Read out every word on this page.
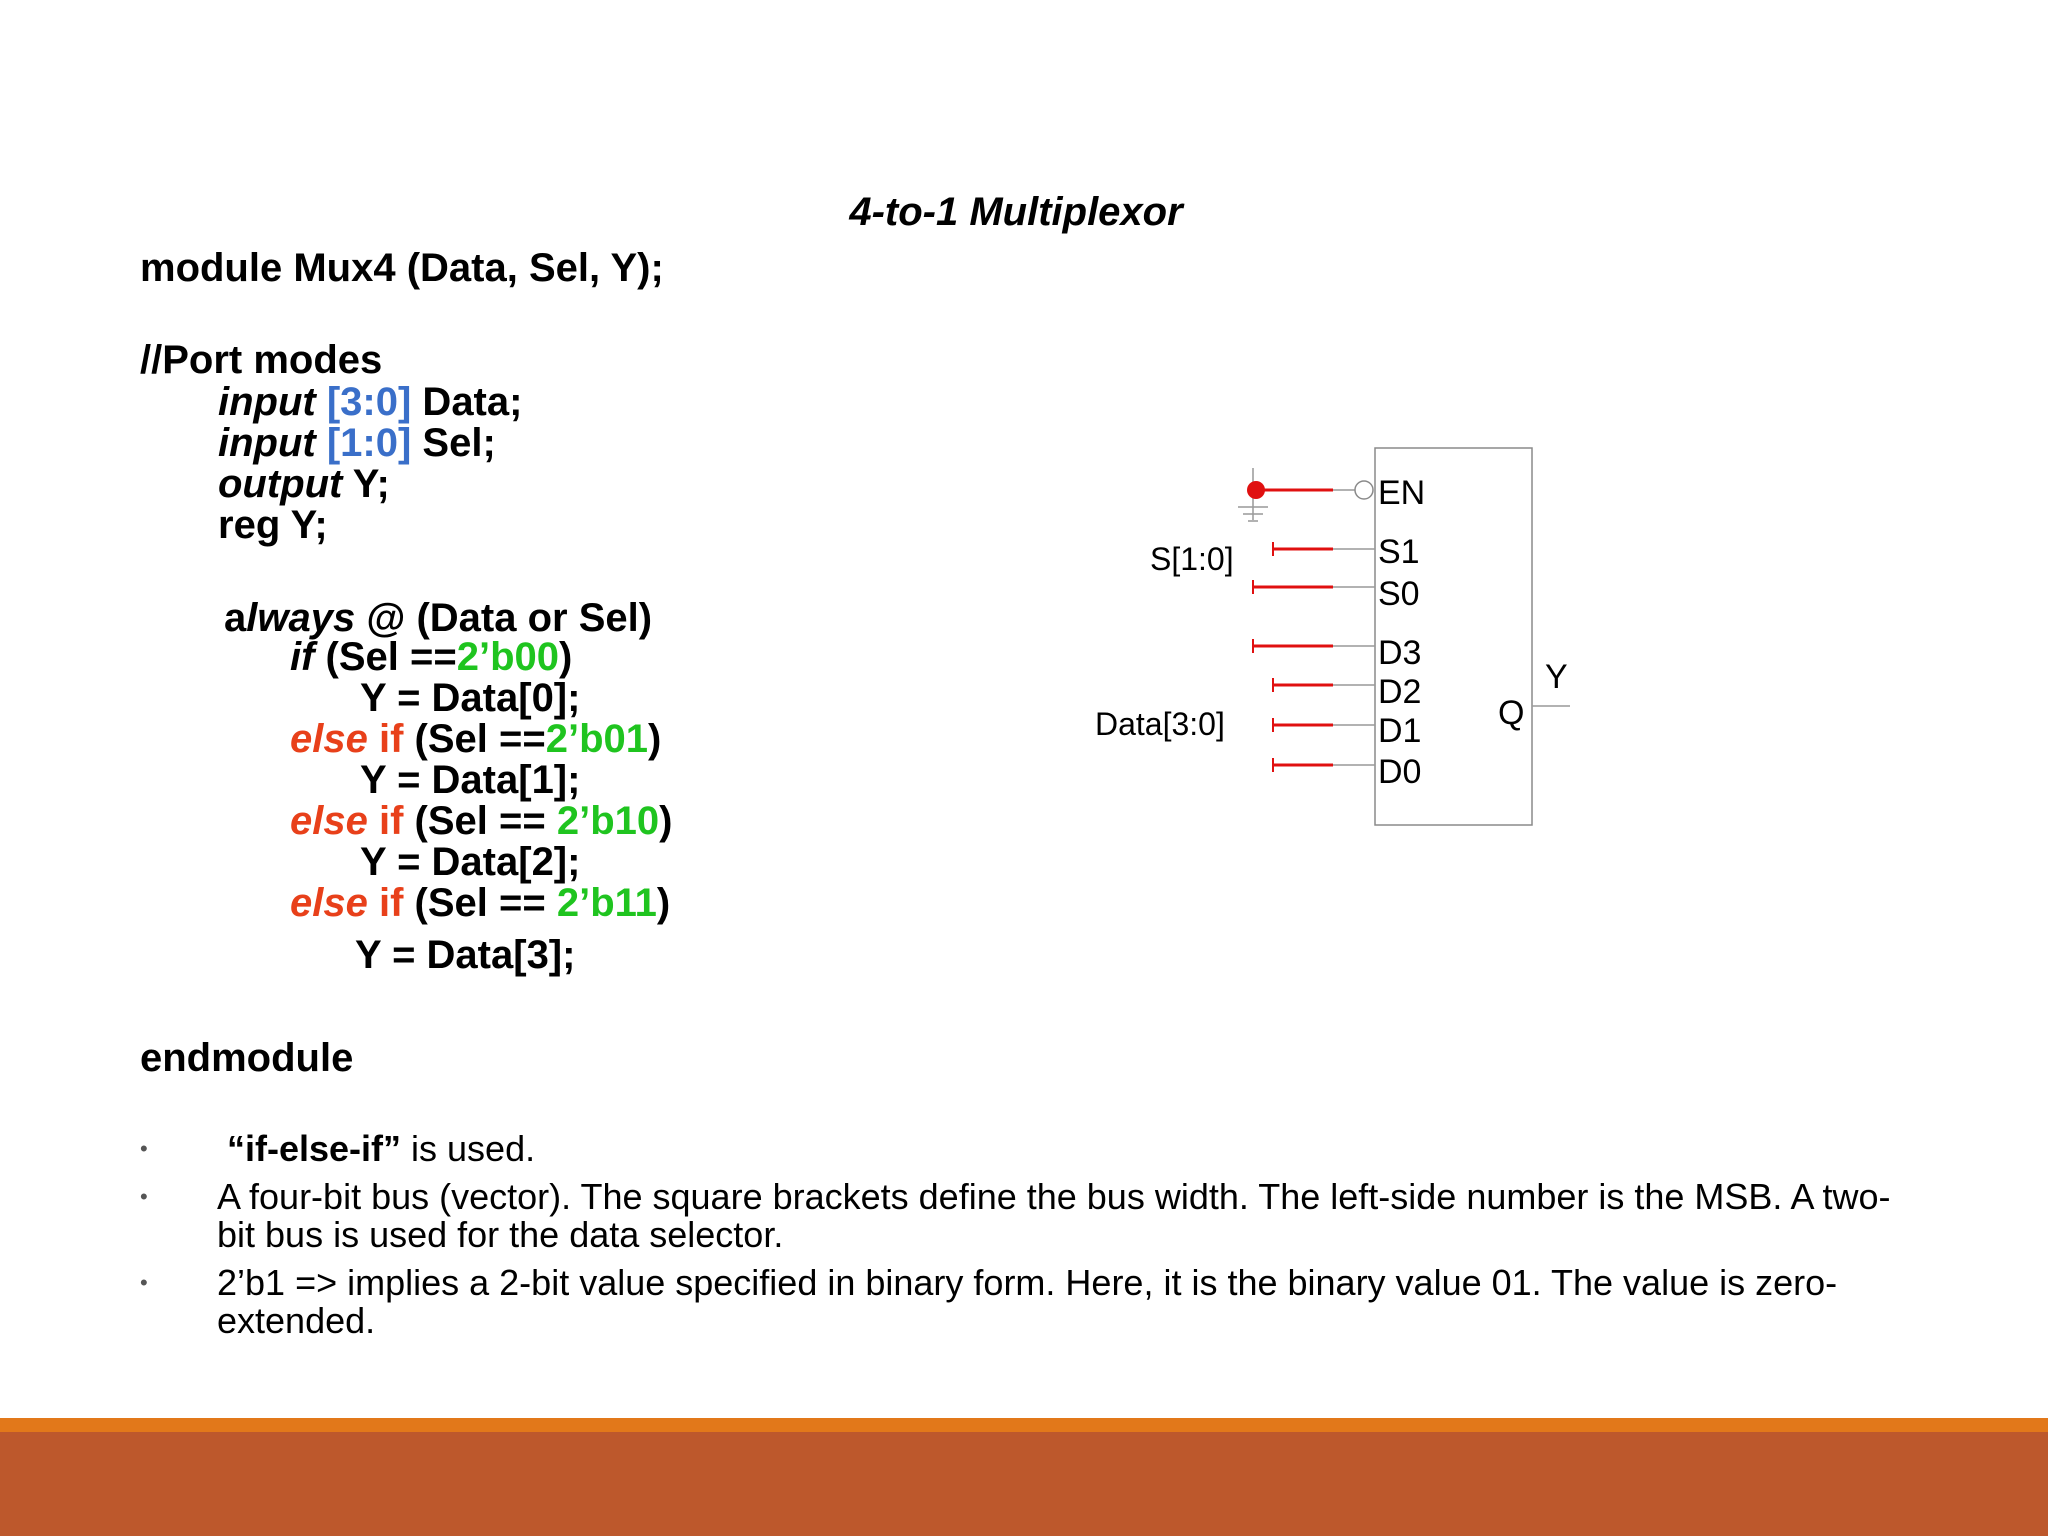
4-to-1 Multiplexor
module Mux4 (Data, Sel, Y);
//Port modes
input [3:0] Data;
input [1:0] Sel;
output Y;
reg Y;
always @ (Data or Sel)
if (Sel ==2’b00)
Y = Data[0];
else if (Sel ==2’b01)
Y = Data[1];
else if (Sel == 2’b10)
Y = Data[2];
else if (Sel == 2’b11)
Y = Data[3];
endmodule
EN
S1
S0
D3
D2
D1
D0
Q
Y
S[1:0]
Data[3:0]
• “if-else-if” is used.
• A four-bit bus (vector). The square brackets define the bus width. The left-side number is the MSB. A two-bit bus is used for the data selector.
• 2’b1 => implies a 2-bit value specified in binary form. Here, it is the binary value 01. The value is zero-extended.
